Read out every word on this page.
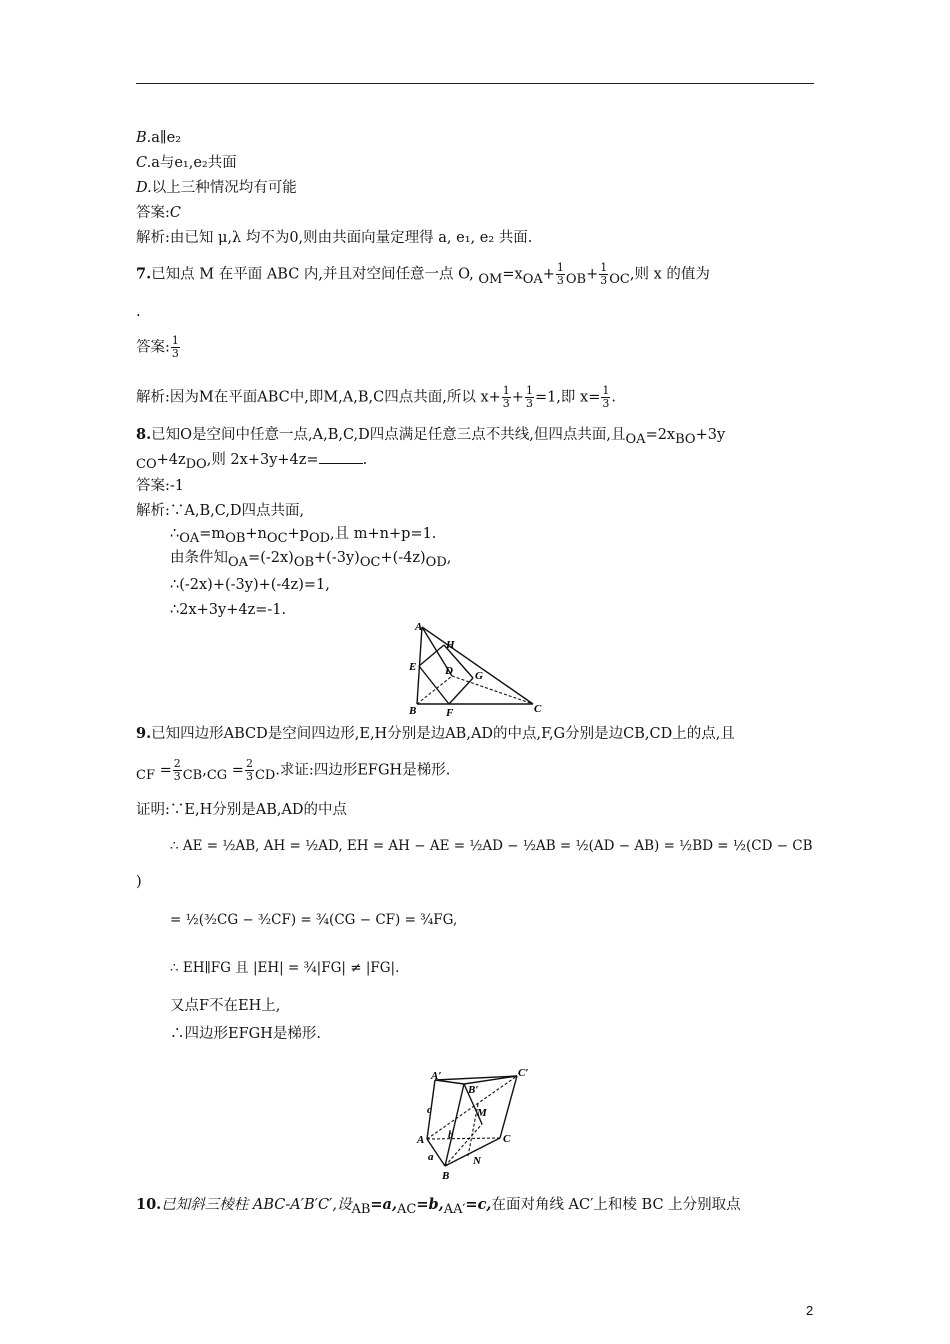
B.a∥e₂
C.a与e₁,e₂共面
D.以上三种情况均有可能
答案:C
解析:由已知 μ,λ 均不为0,则由共面向量定理得 a, e₁, e₂ 共面.
7.已知点 M 在平面 ABC 内,并且对空间任意一点 O, $OM=xOA+ \frac{1}{3} OB+ \frac{1}{3}$ OC,则 x 的值为
.
答案: $\frac{1}{3}$
解析:因为M在平面ABC中,即M,A,B,C四点共面,所以 $x+ \frac{1}{3} + \frac{1}{3} =1$,即 $x= \frac{1}{3}$ .
8.已知O是空间中任意一点,A,B,C,D四点满足任意三点不共线,但四点共面,且OA=2xBO+3y
CO+4zDO,则 2x+3y+4z=	.
答案:-1
解析:∵A,B,C,D四点共面,
∴OA=mOB+nOC+pOD,且 m+n+p=1.
由条件知OA=(-2x)OB+(-3y)OC+(-4z)OD,
∴(-2x)+(-3y)+(-4z)=1,
∴2x+3y+4z=-1.
A
H
E	D G
B	F	C
9.已知四边形ABCD是空间四边形,E,H分别是边AB,AD的中点,F,G分别是边CB,CD上的点,且
CF = $\frac{2}{3} CB,CG = \frac{2}{3}$ CD.求证:四边形EFGH是梯形.
证明:∵E,H分别是AB,AD的中点
∴ AE = ½AB, AH = ½AD, EH = AH − AE = ½AD − ½AB = ½(AD − AB) = ½BD = ½(CD − CB
)
= ½(³⁄₂CG − ³⁄₂CF) = ¾(CG − CF) = ¾FG,
∴ EH∥FG 且 |EH| = ¾|FG| ≠ |FG|.
又点F不在EH上,
∴四边形EFGH是梯形.
A′
B′
C′
M
c
b
A	C
a	N
B
10.已知斜三棱柱 ABC-A′B′C′,设AB=a,AC=b,AA′=c,在面对角线 AC′上和棱 BC 上分别取点
2
